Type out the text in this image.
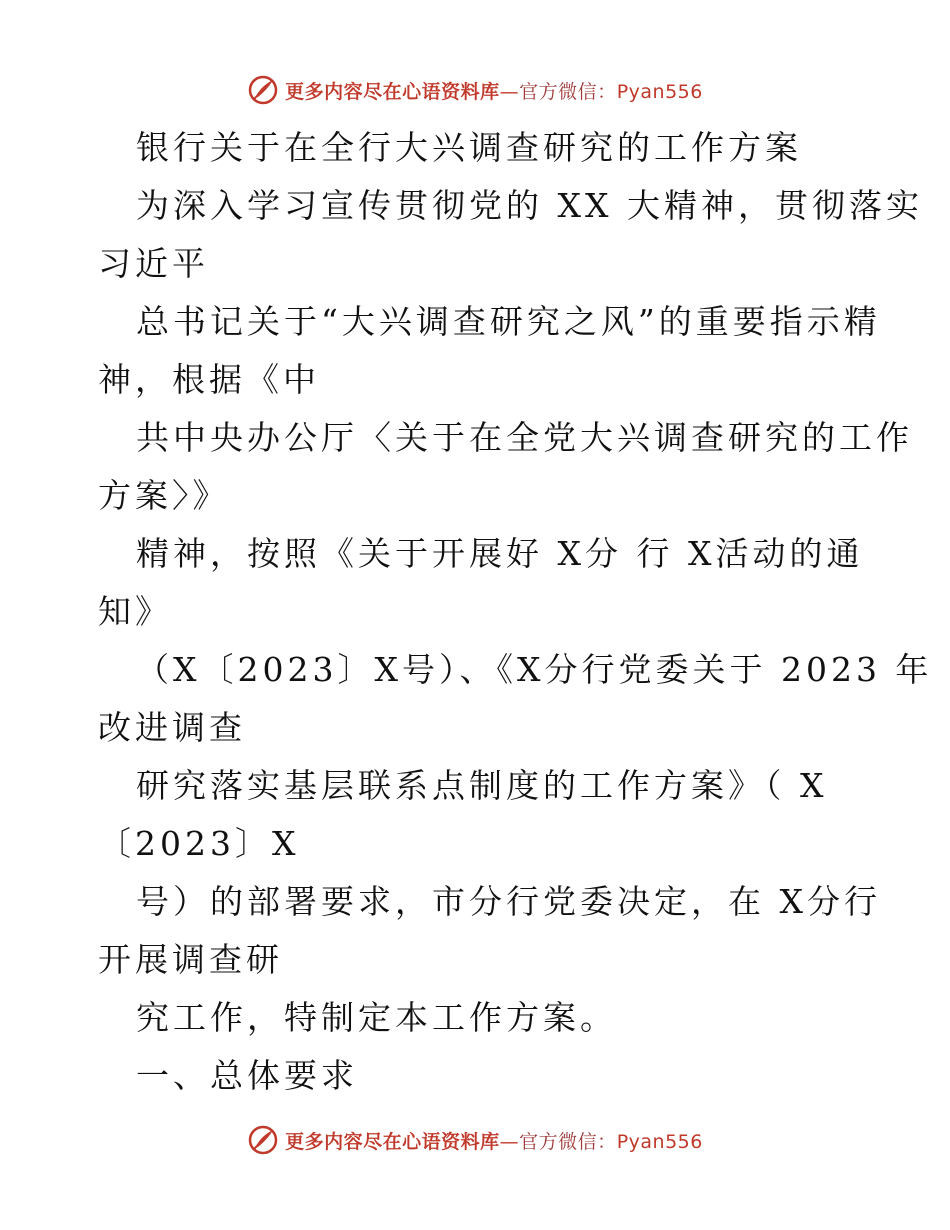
更多内容尽在心语资料库—官方微信：Pyan556
银行关于在全行大兴调查研究的工作方案
为深入学习宣传贯彻党的 XX 大精神，贯彻落实
习近平
总书记关于“大兴调查研究之风”的重要指示精
神，根据《中
共中央办公厅〈关于在全党大兴调查研究的工作
方案〉》
精神，按照《关于开展好 X分 行 X活动的通
知》
（X〔2023〕X号）、《X分行党委关于 2023 年
改进调查
研究落实基层联系点制度的工作方案》（ X
〔2023〕X
号）的部署要求，市分行党委决定，在 X分行
开展调查研
究工作，特制定本工作方案。
一、总体要求
更多内容尽在心语资料库—官方微信：Pyan556
